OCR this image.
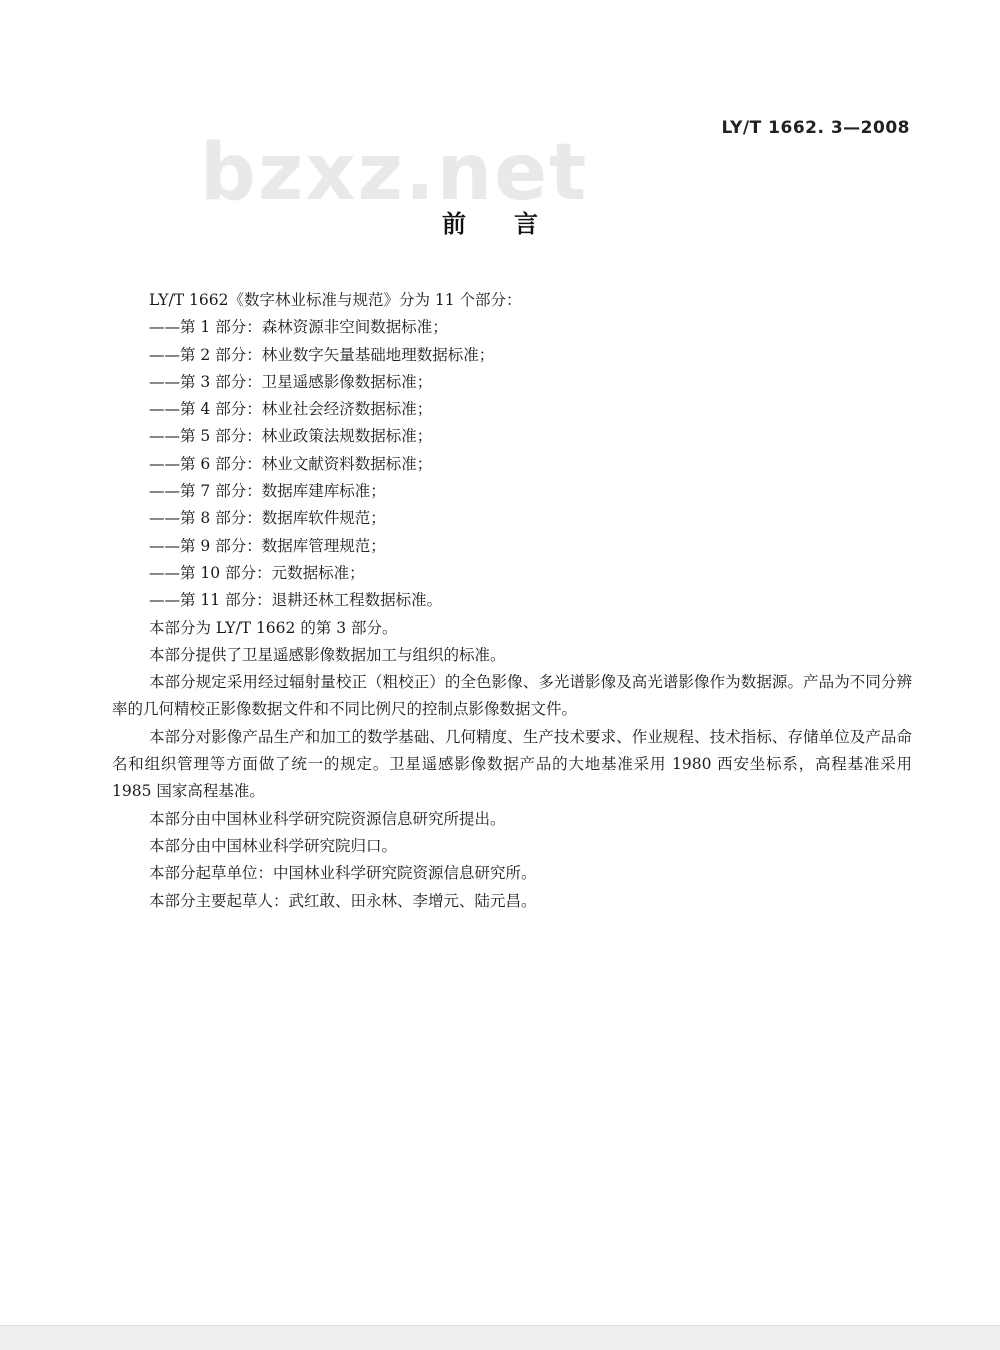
bzxz.net	LY/T 1662. 3—2008
前言

LY/T 1662《数字林业标准与规范》分为 11 个部分：

——第 1 部分：森林资源非空间数据标准；

——第 2 部分：林业数字矢量基础地理数据标准；

——第 3 部分：卫星遥感影像数据标准；

——第 4 部分：林业社会经济数据标准；

——第 5 部分：林业政策法规数据标准；

——第 6 部分：林业文献资料数据标准；

——第 7 部分：数据库建库标准；

——第 8 部分：数据库软件规范；

——第 9 部分：数据库管理规范；

——第 10 部分：元数据标准；

——第 11 部分：退耕还林工程数据标准。

本部分为 LY/T 1662 的第 3 部分。

本部分提供了卫星遥感影像数据加工与组织的标准。

本部分规定采用经过辐射量校正（粗校正）的全色影像、多光谱影像及高光谱影像作为数据源。产品为不同分辨率的几何精校正影像数据文件和不同比例尺的控制点影像数据文件。

本部分对影像产品生产和加工的数学基础、几何精度、生产技术要求、作业规程、技术指标、存储单位及产品命名和组织管理等方面做了统一的规定。卫星遥感影像数据产品的大地基准采用 1980 西安坐标系，高程基准采用 1985 国家高程基准。

本部分由中国林业科学研究院资源信息研究所提出。

本部分由中国林业科学研究院归口。

本部分起草单位：中国林业科学研究院资源信息研究所。

本部分主要起草人：武红敢、田永林、李增元、陆元昌。
